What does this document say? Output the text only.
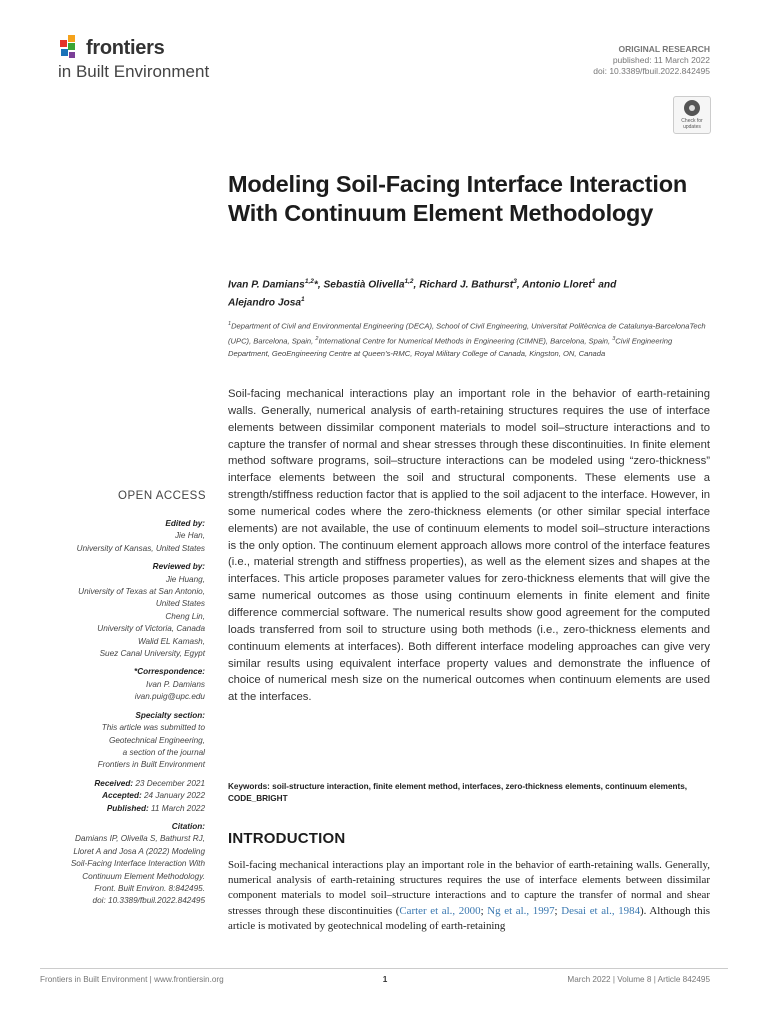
frontiers
in Built Environment
ORIGINAL RESEARCH
published: 11 March 2022
doi: 10.3389/fbuil.2022.842495
Check for updates
Modeling Soil-Facing Interface Interaction With Continuum Element Methodology
Ivan P. Damians$^{1,2}$*, Sebastià Olivella$^{1,2}$, Richard J. Bathurst$^3$, Antonio Lloret$^1$ and
Alejandro Josa$^1$
$^1$Department of Civil and Environmental Engineering (DECA), School of Civil Engineering, Universitat Politècnica de Catalunya-BarcelonaTech (UPC), Barcelona, Spain, $^2$International Centre for Numerical Methods in Engineering (CIMNE), Barcelona, Spain, $^3$Civil Engineering Department, GeoEngineering Centre at Queen’s-RMC, Royal Military College of Canada, Kingston, ON, Canada
Soil-facing mechanical interactions play an important role in the behavior of earth-retaining walls. Generally, numerical analysis of earth-retaining structures requires the use of interface elements between dissimilar component materials to model soil–structure interactions and to capture the transfer of normal and shear stresses through these discontinuities. In finite element method software programs, soil–structure interactions can be modeled using “zero-thickness” interface elements between the soil and structural components. These elements use a strength/stiffness reduction factor that is applied to the soil adjacent to the interface. However, in some numerical codes where the zero-thickness elements (or other similar special interface elements) are not available, the use of continuum elements to model soil–structure interactions is the only option. The continuum element approach allows more control of the interface features (i.e., material strength and stiffness properties), as well as the element sizes and shapes at the interfaces. This article proposes parameter values for zero-thickness elements that will give the same numerical outcomes as those using continuum elements in finite element and finite difference commercial software. The numerical results show good agreement for the computed loads transferred from soil to structure using both methods (i.e., zero-thickness elements and continuum elements at interfaces). Both different interface modeling approaches can give very similar results using equivalent interface property values and demonstrate the influence of choice of numerical mesh size on the numerical outcomes when continuum elements are used at the interfaces.
Keywords: soil-structure interaction, finite element method, interfaces, zero-thickness elements, continuum elements, CODE_BRIGHT
INTRODUCTION
Soil-facing mechanical interactions play an important role in the behavior of earth-retaining walls. Generally, numerical analysis of earth-retaining structures requires the use of interface elements between dissimilar component materials to model soil–structure interactions and to capture the transfer of normal and shear stresses through these discontinuities (Carter et al., 2000; Ng et al., 1997; Desai et al., 1984). Although this article is motivated by geotechnical modeling of earth-retaining
OPEN ACCESS
Edited by:
Jie Han,
University of Kansas, United States
Reviewed by:
Jie Huang,
University of Texas at San Antonio,
United States
Cheng Lin,
University of Victoria, Canada
Walid EL Kamash,
Suez Canal University, Egypt
*Correspondence:
Ivan P. Damians
ivan.puig@upc.edu
Specialty section:
This article was submitted to
Geotechnical Engineering,
a section of the journal
Frontiers in Built Environment
Received: 23 December 2021
Accepted: 24 January 2022
Published: 11 March 2022
Citation:
Damians IP, Olivella S, Bathurst RJ,
Lloret A and Josa A (2022) Modeling
Soil-Facing Interface Interaction With
Continuum Element Methodology.
Front. Built Environ. 8:842495.
doi: 10.3389/fbuil.2022.842495
Frontiers in Built Environment | www.frontiersin.org	1	March 2022 | Volume 8 | Article 842495
